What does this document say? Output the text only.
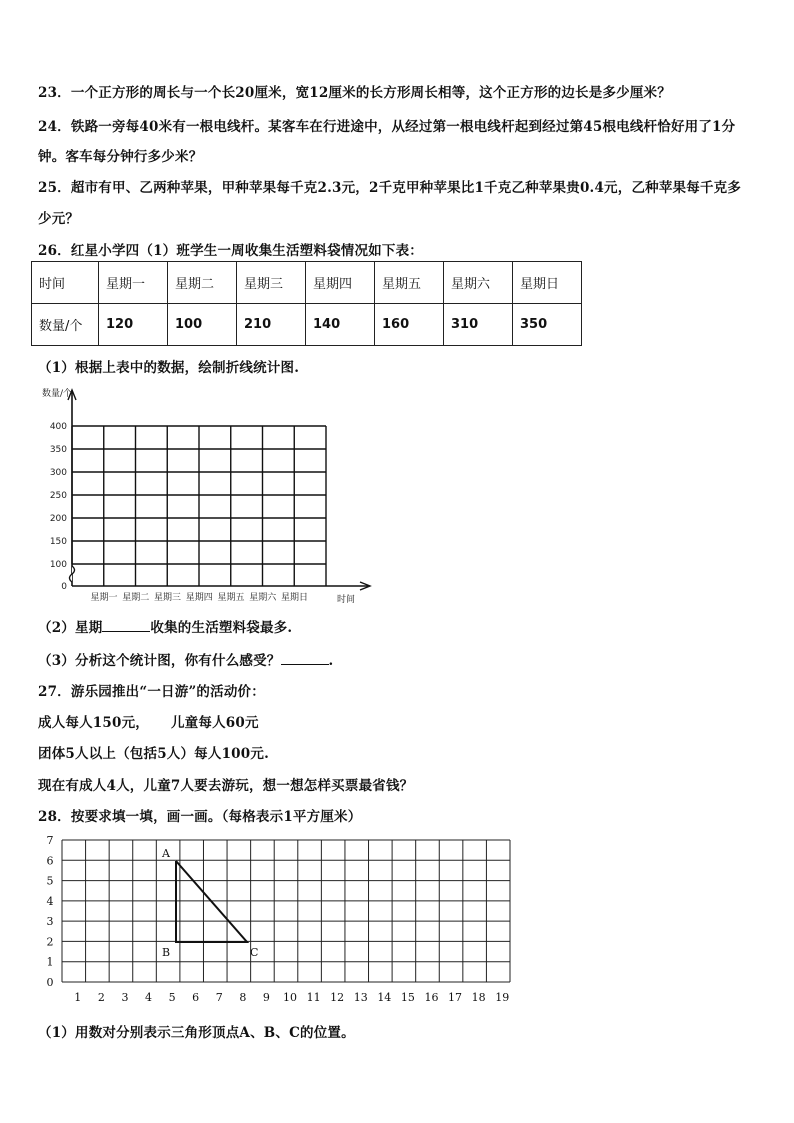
23．一个正方形的周长与一个长20厘米，宽12厘米的长方形周长相等，这个正方形的边长是多少厘米？
24．铁路一旁每40米有一根电线杆。某客车在行进途中，从经过第一根电线杆起到经过第45根电线杆恰好用了1分
钟。客车每分钟行多少米？
25．超市有甲、乙两种苹果，甲种苹果每千克2.3元，2千克甲种苹果比1千克乙种苹果贵0.4元，乙种苹果每千克多
少元？
26．红星小学四（1）班学生一周收集生活塑料袋情况如下表：
时间	星期一	星期二	星期三	星期四	星期五	星期六	星期日
数量/个	120	100	210	140	160	310	350
（1）根据上表中的数据，绘制折线统计图.
数量/个
400
350
300
250
200
150
100
0
星期一 星期二 星期三 星期四 星期五 星期六 星期日	时间
7
6
5
4
3
2
1
0
1 2 3 4 5 6 7 8 9 10 11 12 13 14 15 16 17 18 19
A
B	C
（2）星期	收集的生活塑料袋最多.
（3）分析这个统计图，你有什么感受？	.
27．游乐园推出“一日游”的活动价：
成人每人150元， 儿童每人60元
团体5人以上（包括5人）每人100元.
现在有成人4人，儿童7人要去游玩，想一想怎样买票最省钱？
28．按要求填一填，画一画。（每格表示1平方厘米）
（1）用数对分别表示三角形顶点A、B、C的位置。
